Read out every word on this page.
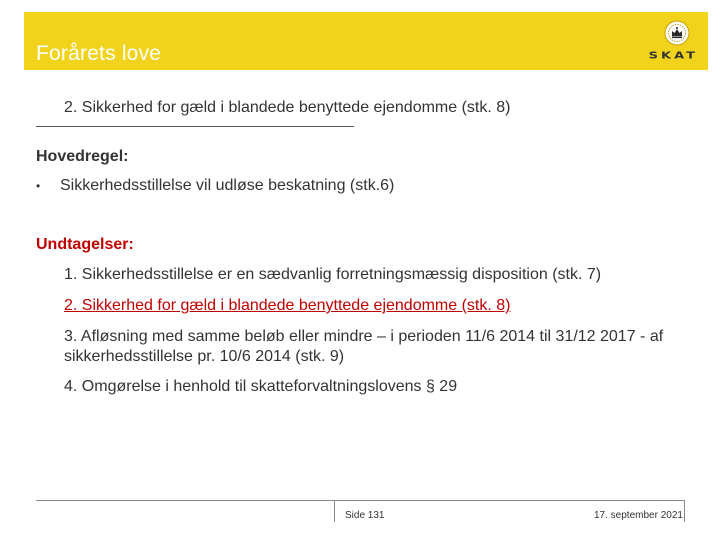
Forårets love	SKAT
2. Sikkerhed for gæld i blandede benyttede ejendomme (stk. 8)
Hovedregel:
• Sikkerhedsstillelse vil udløse beskatning (stk.6)
Undtagelser:
1. Sikkerhedsstillelse er en sædvanlig forretningsmæssig disposition (stk. 7)
2. Sikkerhed for gæld i blandede benyttede ejendomme (stk. 8)
3. Afløsning med samme beløb eller mindre – i perioden 11/6 2014 til 31/12 2017 - af sikkerhedsstillelse pr. 10/6 2014 (stk. 9)
4. Omgørelse i henhold til skatteforvaltningslovens § 29
Side 131	17. september 2021
